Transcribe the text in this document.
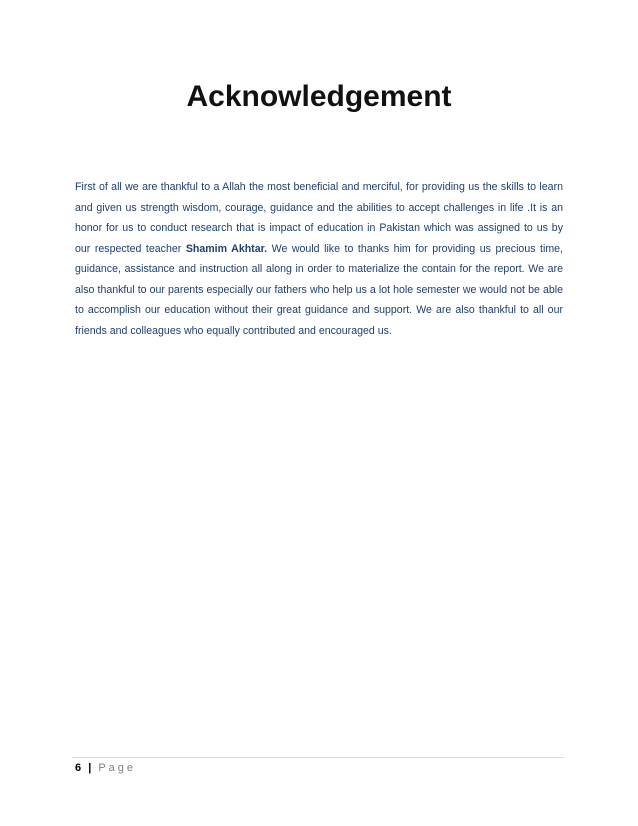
Acknowledgement

First of all we are thankful to a Allah the most beneficial and merciful, for providing us the skills to learn and given us strength wisdom, courage, guidance and the abilities to accept challenges in life .It is an honor for us to conduct research that is impact of education in Pakistan which was assigned to us by our respected teacher Shamim Akhtar. We would like to thanks him for providing us precious time, guidance, assistance and instruction all along in order to materialize the contain for the report. We are also thankful to our parents especially our fathers who help us a lot hole semester we would not be able to accomplish our education without their great guidance and support. We are also thankful to all our friends and colleagues who equally contributed and encouraged us.

6 | Page
